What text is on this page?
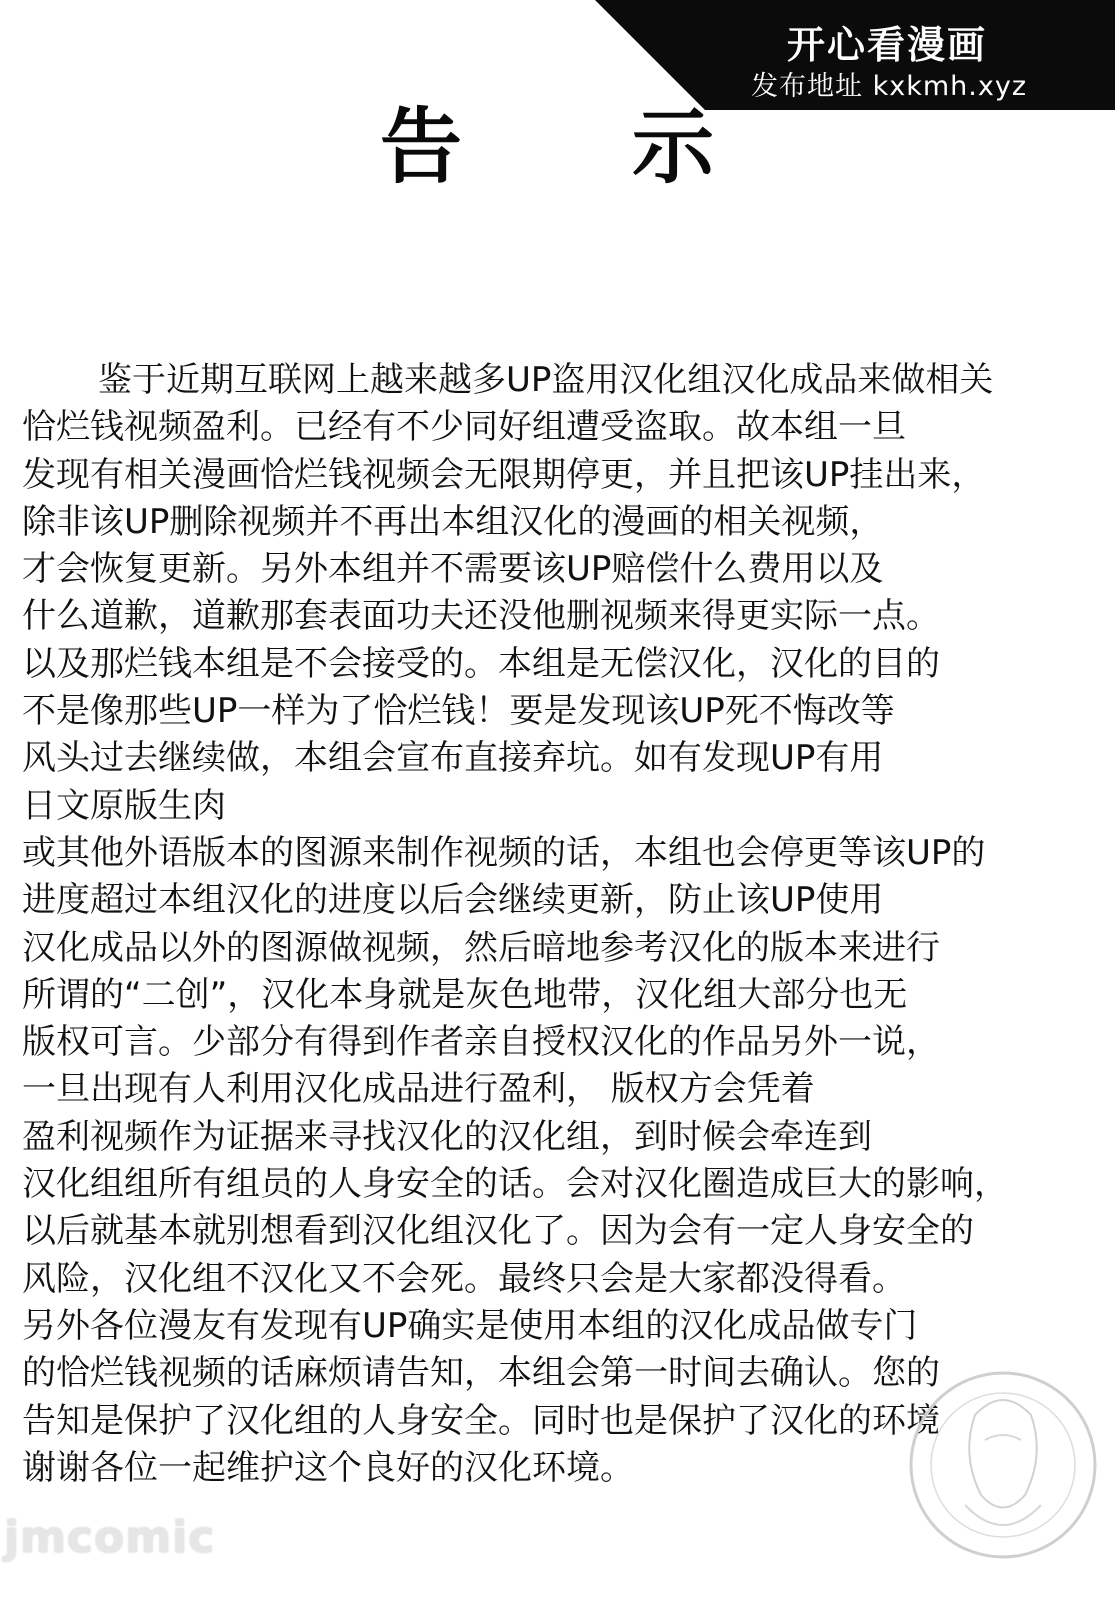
开心看漫画
发布地址 kxkmh.xyz
告示
鉴于近期互联网上越来越多UP盗用汉化组汉化成品来做相关
恰烂钱视频盈利。已经有不少同好组遭受盗取。故本组一旦
发现有相关漫画恰烂钱视频会无限期停更，并且把该UP挂出来，
除非该UP删除视频并不再出本组汉化的漫画的相关视频，
才会恢复更新。另外本组并不需要该UP赔偿什么费用以及
什么道歉，道歉那套表面功夫还没他删视频来得更实际一点。
以及那烂钱本组是不会接受的。本组是无偿汉化，汉化的目的
不是像那些UP一样为了恰烂钱！要是发现该UP死不悔改等
风头过去继续做，本组会宣布直接弃坑。如有发现UP有用
日文原版生肉
或其他外语版本的图源来制作视频的话，本组也会停更等该UP的
进度超过本组汉化的进度以后会继续更新，防止该UP使用
汉化成品以外的图源做视频，然后暗地参考汉化的版本来进行
所谓的“二创”，汉化本身就是灰色地带，汉化组大部分也无
版权可言。少部分有得到作者亲自授权汉化的作品另外一说，
一旦出现有人利用汉化成品进行盈利， 版权方会凭着
盈利视频作为证据来寻找汉化的汉化组，到时候会牵连到
汉化组组所有组员的人身安全的话。会对汉化圈造成巨大的影响，
以后就基本就别想看到汉化组汉化了。因为会有一定人身安全的
风险，汉化组不汉化又不会死。最终只会是大家都没得看。
另外各位漫友有发现有UP确实是使用本组的汉化成品做专门
的恰烂钱视频的话麻烦请告知，本组会第一时间去确认。您的
告知是保护了汉化组的人身安全。同时也是保护了汉化的环境
谢谢各位一起维护这个良好的汉化环境。
jmcomic
